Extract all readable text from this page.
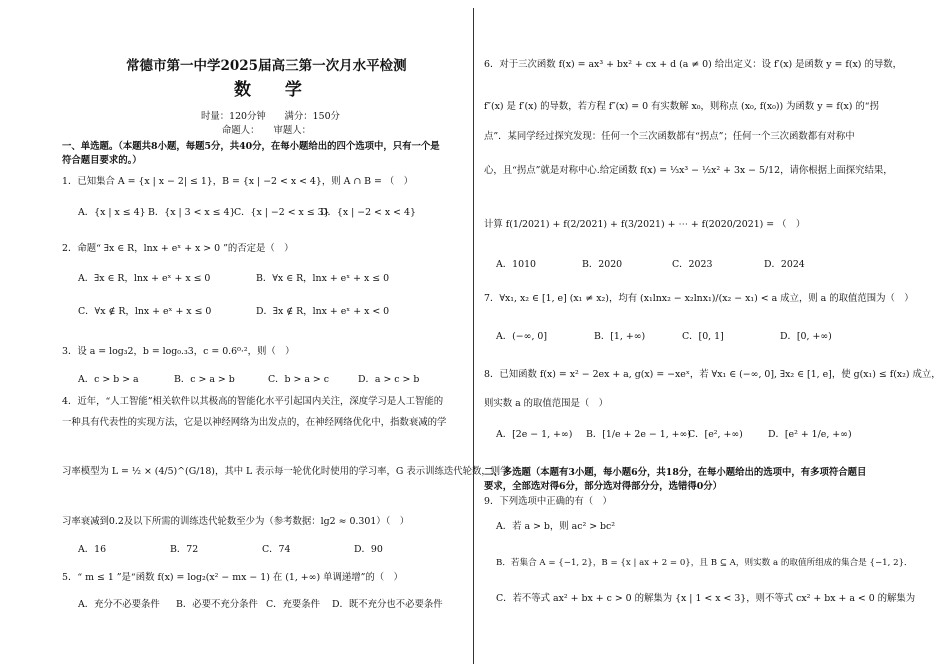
常德市第一中学2025届高三第一次月水平检测
数 学
时量：120分钟　　满分：150分
命题人：　　审题人：
一、单选题。（本题共8小题，每题5分，共40分，在每小题给出的四个选项中，只有一个是
符合题目要求的。）
1．已知集合 A = {x | x − 2| ≤ 1}，B = {x | −2 < x < 4}，则 A ∩ B = （　）
A．{x | x ≤ 4} B．{x | 3 < x ≤ 4}
C．{x | −2 < x ≤ 3}
D．{x | −2 < x < 4}
2．命题“ ∃x ∈ R，lnx + eˣ + x > 0 ”的否定是（　）
A．∃x ∈ R，lnx + eˣ + x ≤ 0	B．∀x ∈ R，lnx + eˣ + x ≤ 0
C．∀x ∉ R，lnx + eˣ + x ≤ 0	D．∃x ∉ R，lnx + eˣ + x < 0
3．设 a = log₃2，b = log₀.₃3，c = 0.6⁰·²，则（　）
A．c > b > a	B．c > a > b	C．b > a > c	D．a > c > b
4．近年，“人工智能”相关软件以其极高的智能化水平引起国内关注，深度学习是人工智能的
一种具有代表性的实现方法，它是以神经网络为出发点的，在神经网络优化中，指数衰减的学
习率模型为 L = ½ × (4/5)^(G/18)，其中 L 表示每一轮优化时使用的学习率，G 表示训练迭代轮数，则学
习率衰减到0.2及以下所需的训练迭代轮数至少为（参考数据：lg2 ≈ 0.301）（　）
A．16	B．72	C．74	D．90
5．“ m ≤ 1 ”是“函数 f(x) = log₂(x² − mx − 1) 在 (1, +∞) 单调递增”的（　）
A．充分不必要条件 B．必要不充分条件 C．充要条件 D．既不充分也不必要条件
6．对于三次函数 f(x) = ax³ + bx² + cx + d (a ≠ 0) 给出定义：设 f′(x) 是函数 y = f(x) 的导数，
f″(x) 是 f′(x) 的导数，若方程 f″(x) = 0 有实数解 x₀，则称点 (x₀, f(x₀)) 为函数 y = f(x) 的“拐
点”．某同学经过探究发现：任何一个三次函数都有“拐点”；任何一个三次函数都有对称中
心，且“拐点”就是对称中心.给定函数 f(x) = ⅓x³ − ½x² + 3x − 5/12，请你根据上面探究结果，
计算 f(1/2021) + f(2/2021) + f(3/2021) + ⋯ + f(2020/2021) = （　）
A．1010	B．2020	C．2023	D．2024
7．∀x₁, x₂ ∈ [1, e] (x₁ ≠ x₂)，均有 (x₁lnx₂ − x₂lnx₁)/(x₂ − x₁) < a 成立，则 a 的取值范围为（　）
A．(−∞, 0]	B．[1, +∞)	C．[0, 1]	D．[0, +∞)
8．已知函数 f(x) = x² − 2ex + a, g(x) = −xeˣ，若 ∀x₁ ∈ (−∞, 0], ∃x₂ ∈ [1, e]，使 g(x₁) ≤ f(x₂) 成立，
则实数 a 的取值范围是（　）
A．[2e − 1, +∞) B．[1/e + 2e − 1, +∞)
C．[e², +∞)	D．[e² + 1/e, +∞)
二、多选题（本题有3小题，每小题6分，共18分，在每小题给出的选项中，有多项符合题目
要求，全部选对得6分，部分选对得部分分，选错得0分）
9．下列选项中正确的有（　）
A．若 a > b，则 ac² > bc²
B．若集合 A = {−1, 2}，B = {x | ax + 2 = 0}，且 B ⊆ A，则实数 a 的取值所组成的集合是 {−1, 2}．
C．若不等式 ax² + bx + c > 0 的解集为 {x | 1 < x < 3}，则不等式 cx² + bx + a < 0 的解集为
